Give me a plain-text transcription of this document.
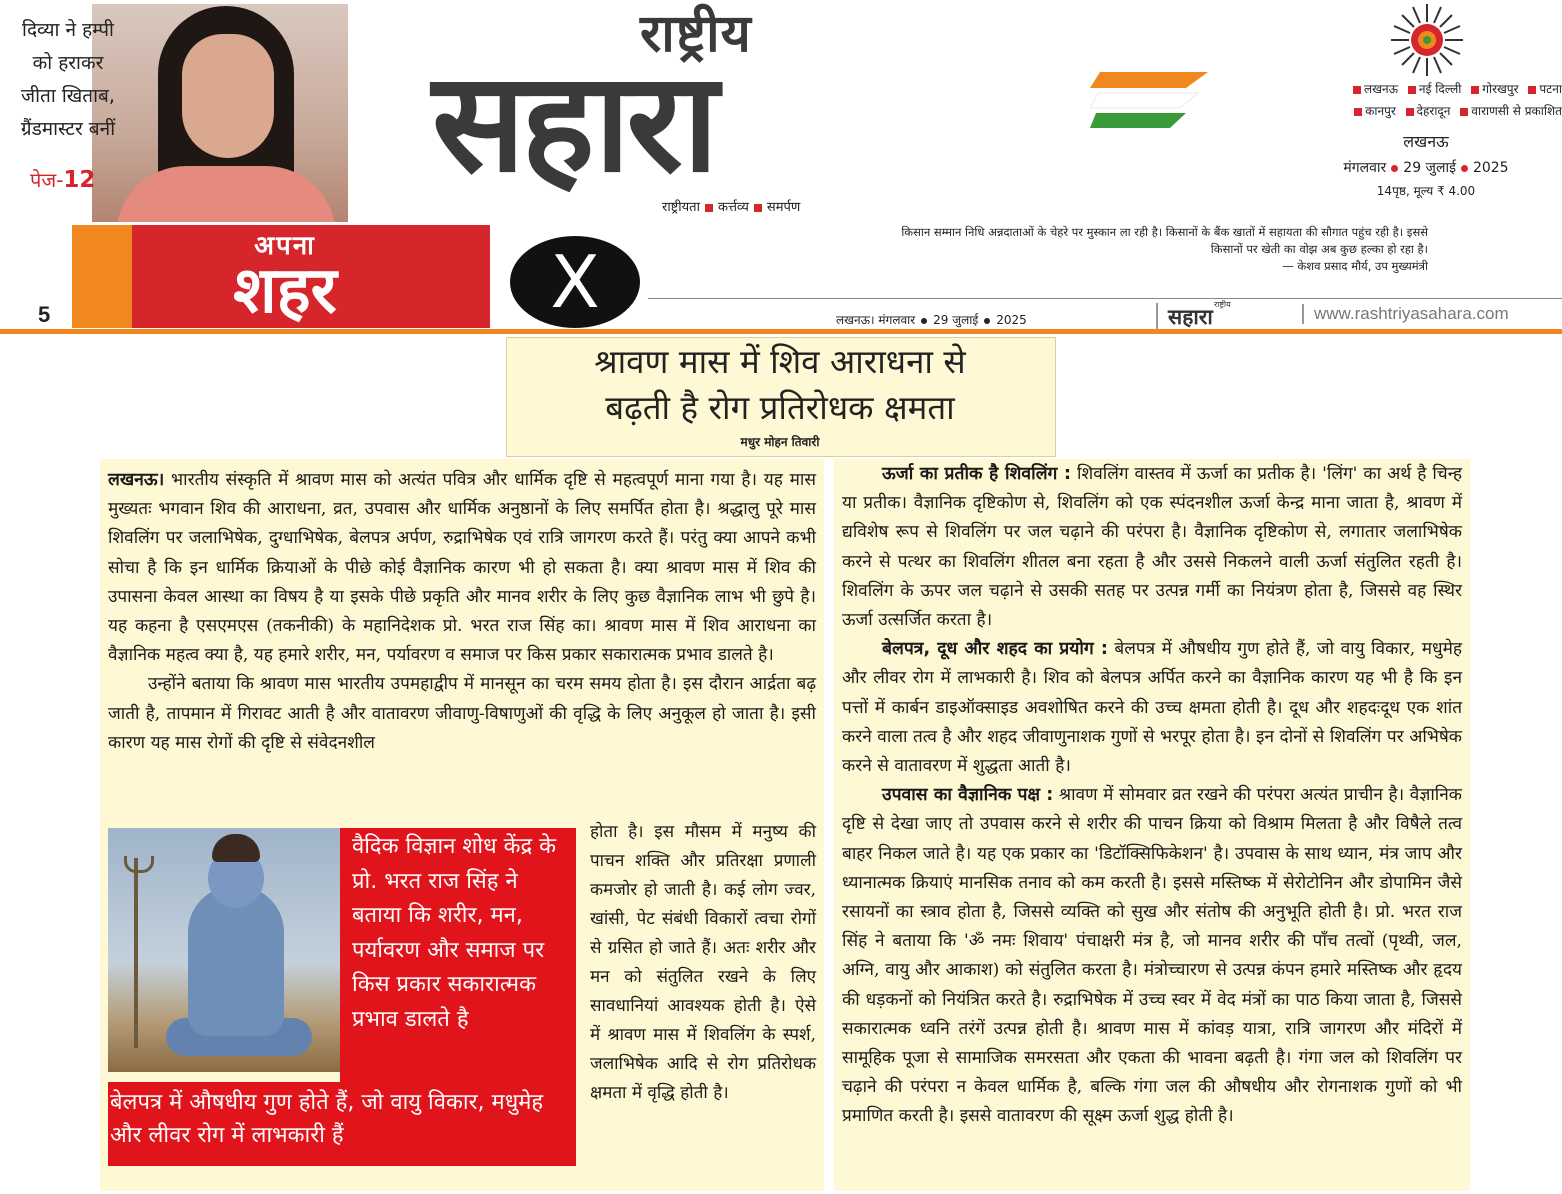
दिव्या ने हम्पी
को हराकर
जीता खिताब,
ग्रैंडमास्टर बनीं
पेज-12
राष्ट्रीय
सहारा
राष्ट्रीयता कर्त्तव्य समर्पण
लखनऊ नई दिल्ली गोरखपुर पटना
कानपुर देहरादून वाराणसी से प्रकाशित
लखनऊ
मंगलवार 29 जुलाई 2025
14पृष्ठ, मूल्य ₹ 4.00
5
अपना
शहर	X
किसान सम्मान निधि अन्नदाताओं के चेहरे पर मुस्कान ला रही है। किसानों के बैंक खातों में सहायता की सौगात पहुंच रही है। इससे किसानों पर खेती का वोझ अब कुछ हल्का हो रहा है।
— केशव प्रसाद मौर्य, उप मुख्यमंत्री
लखनऊ। मंगलवार 29 जुलाई 2025
राष्ट्रीय
सहारा	www.rashtriyasahara.com
श्रावण मास में शिव आराधना से
बढ़ती है रोग प्रतिरोधक क्षमता
मधुर मोहन तिवारी

लखनऊ। भारतीय संस्कृति में श्रावण मास को अत्यंत पवित्र और धार्मिक दृष्टि से महत्वपूर्ण माना गया है। यह मास मुख्यतः भगवान शिव की आराधना, व्रत, उपवास और धार्मिक अनुष्ठानों के लिए समर्पित होता है। श्रद्धालु पूरे मास शिवलिंग पर जलाभिषेक, दुग्धाभिषेक, बेलपत्र अर्पण, रुद्राभिषेक एवं रात्रि जागरण करते हैं। परंतु क्या आपने कभी सोचा है कि इन धार्मिक क्रियाओं के पीछे कोई वैज्ञानिक कारण भी हो सकता है। क्या श्रावण मास में शिव की उपासना केवल आस्था का विषय है या इसके पीछे प्रकृति और मानव शरीर के लिए कुछ वैज्ञानिक लाभ भी छुपे है। यह कहना है एसएमएस (तकनीकी) के महानिदेशक प्रो. भरत राज सिंह का। श्रावण मास में शिव आराधना का वैज्ञानिक महत्व क्या है, यह हमारे शरीर, मन, पर्यावरण व समाज पर किस प्रकार सकारात्मक प्रभाव डालते है।

उन्होंने बताया कि श्रावण मास भारतीय उपमहाद्वीप में मानसून का चरम समय होता है। इस दौरान आर्द्रता बढ़ जाती है, तापमान में गिरावट आती है और वातावरण जीवाणु-विषाणुओं की वृद्धि के लिए अनुकूल हो जाता है। इसी कारण यह मास रोगों की दृष्टि से संवेदनशील

वैदिक विज्ञान शोध केंद्र के प्रो. भरत राज सिंह ने बताया कि शरीर, मन, पर्यावरण और समाज पर किस प्रकार सकारात्मक प्रभाव डालते है
बेलपत्र में औषधीय गुण होते हैं, जो वायु विकार, मधुमेह और लीवर रोग में लाभकारी हैं

होता है। इस मौसम में मनुष्य की पाचन शक्ति और प्रतिरक्षा प्रणाली कमजोर हो जाती है। कई लोग ज्वर, खांसी, पेट संबंधी विकारों त्वचा रोगों से ग्रसित हो जाते हैं। अतः शरीर और मन को संतुलित रखने के लिए सावधानियां आवश्यक होती है। ऐसे में श्रावण मास में शिवलिंग के स्पर्श, जलाभिषेक आदि से रोग प्रतिरोधक क्षमता में वृद्धि होती है।

ऊर्जा का प्रतीक है शिवलिंग : शिवलिंग वास्तव में ऊर्जा का प्रतीक है। 'लिंग' का अर्थ है चिन्ह या प्रतीक। वैज्ञानिक दृष्टिकोण से, शिवलिंग को एक स्पंदनशील ऊर्जा केन्द्र माना जाता है, श्रावण में द्यविशेष रूप से शिवलिंग पर जल चढ़ाने की परंपरा है। वैज्ञानिक दृष्टिकोण से, लगातार जलाभिषेक करने से पत्थर का शिवलिंग शीतल बना रहता है और उससे निकलने वाली ऊर्जा संतुलित रहती है। शिवलिंग के ऊपर जल चढ़ाने से उसकी सतह पर उत्पन्न गर्मी का नियंत्रण होता है, जिससे वह स्थिर ऊर्जा उत्सर्जित करता है।

बेलपत्र, दूध और शहद का प्रयोग : बेलपत्र में औषधीय गुण होते हैं, जो वायु विकार, मधुमेह और लीवर रोग में लाभकारी है। शिव को बेलपत्र अर्पित करने का वैज्ञानिक कारण यह भी है कि इन पत्तों में कार्बन डाइऑक्साइड अवशोषित करने की उच्च क्षमता होती है। दूध और शहदःदूध एक शांत करने वाला तत्व है और शहद जीवाणुनाशक गुणों से भरपूर होता है। इन दोनों से शिवलिंग पर अभिषेक करने से वातावरण में शुद्धता आती है।

उपवास का वैज्ञानिक पक्ष : श्रावण में सोमवार व्रत रखने की परंपरा अत्यंत प्राचीन है। वैज्ञानिक दृष्टि से देखा जाए तो उपवास करने से शरीर की पाचन क्रिया को विश्राम मिलता है और विषैले तत्व बाहर निकल जाते है। यह एक प्रकार का 'डिटॉक्सिफिकेशन' है। उपवास के साथ ध्यान, मंत्र जाप और ध्यानात्मक क्रियाएं मानसिक तनाव को कम करती है। इससे मस्तिष्क में सेरोटोनिन और डोपामिन जैसे रसायनों का स्त्राव होता है, जिससे व्यक्ति को सुख और संतोष की अनुभूति होती है। प्रो. भरत राज सिंह ने बताया कि 'ॐ नमः शिवाय' पंचाक्षरी मंत्र है, जो मानव शरीर की पाँच तत्वों (पृथ्वी, जल, अग्नि, वायु और आकाश) को संतुलित करता है। मंत्रोच्चारण से उत्पन्न कंपन हमारे मस्तिष्क और हृदय की धड़कनों को नियंत्रित करते है। रुद्राभिषेक में उच्च स्वर में वेद मंत्रों का पाठ किया जाता है, जिससे सकारात्मक ध्वनि तरंगें उत्पन्न होती है। श्रावण मास में कांवड़ यात्रा, रात्रि जागरण और मंदिरों में सामूहिक पूजा से सामाजिक समरसता और एकता की भावना बढ़ती है। गंगा जल को शिवलिंग पर चढ़ाने की परंपरा न केवल धार्मिक है, बल्कि गंगा जल की औषधीय और रोगनाशक गुणों को भी प्रमाणित करती है। इससे वातावरण की सूक्ष्म ऊर्जा शुद्ध होती है।
